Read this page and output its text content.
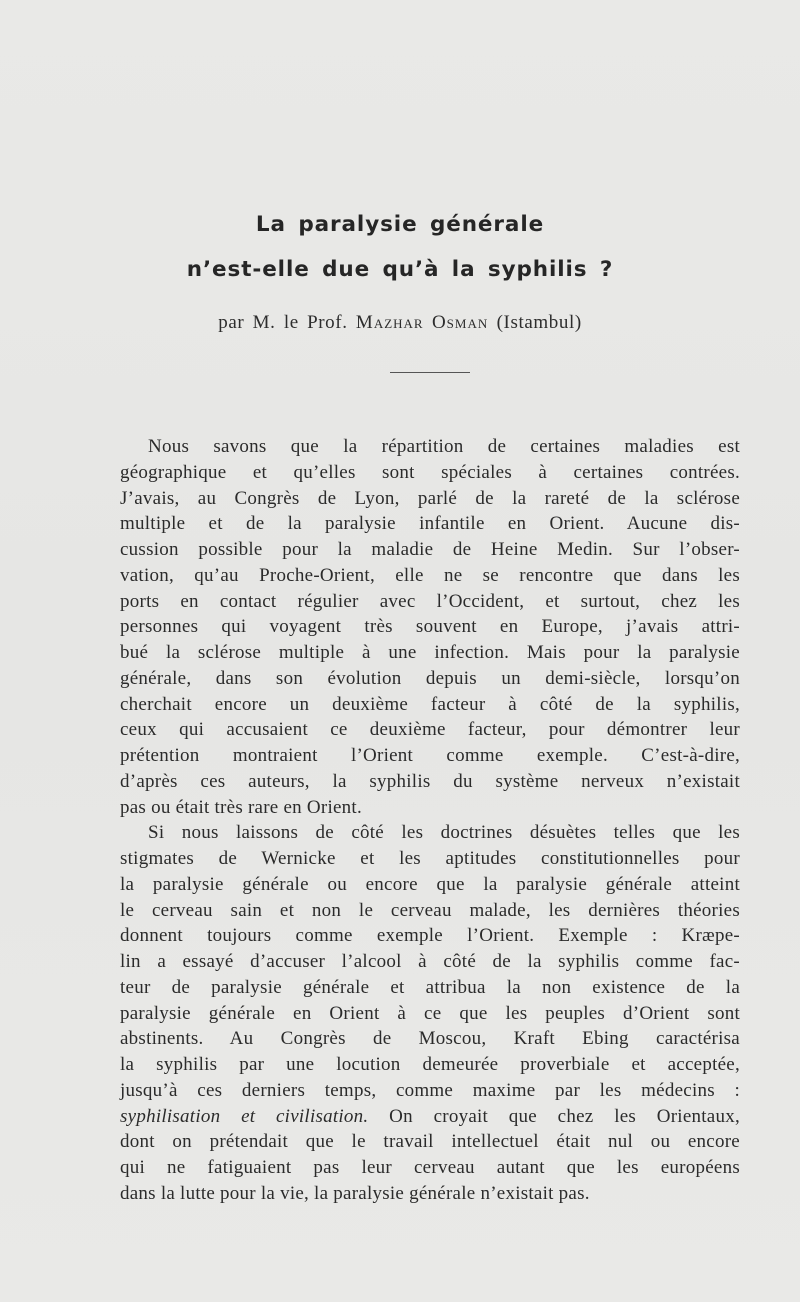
La paralysie générale
n’est-elle due qu’à la syphilis ?
par M. le Prof. Mazhar Osman (Istambul)
Nous savons que la répartition de certaines maladies est
géographique et qu’elles sont spéciales à certaines contrées.
J’avais, au Congrès de Lyon, parlé de la rareté de la sclérose
multiple et de la paralysie infantile en Orient. Aucune dis-
cussion possible pour la maladie de Heine Medin. Sur l’obser-
vation, qu’au Proche-Orient, elle ne se rencontre que dans les
ports en contact régulier avec l’Occident, et surtout, chez les
personnes qui voyagent très souvent en Europe, j’avais attri-
bué la sclérose multiple à une infection. Mais pour la paralysie
générale, dans son évolution depuis un demi-siècle, lorsqu’on
cherchait encore un deuxième facteur à côté de la syphilis,
ceux qui accusaient ce deuxième facteur, pour démontrer leur
prétention montraient l’Orient comme exemple. C’est-à-dire,
d’après ces auteurs, la syphilis du système nerveux n’existait
pas ou était très rare en Orient.
Si nous laissons de côté les doctrines désuètes telles que les
stigmates de Wernicke et les aptitudes constitutionnelles pour
la paralysie générale ou encore que la paralysie générale atteint
le cerveau sain et non le cerveau malade, les dernières théories
donnent toujours comme exemple l’Orient. Exemple : Kræpe-
lin a essayé d’accuser l’alcool à côté de la syphilis comme fac-
teur de paralysie générale et attribua la non existence de la
paralysie générale en Orient à ce que les peuples d’Orient sont
abstinents. Au Congrès de Moscou, Kraft Ebing caractérisa
la syphilis par une locution demeurée proverbiale et acceptée,
jusqu’à ces derniers temps, comme maxime par les médecins :
syphilisation et civilisation. On croyait que chez les Orientaux,
dont on prétendait que le travail intellectuel était nul ou encore
qui ne fatiguaient pas leur cerveau autant que les européens
dans la lutte pour la vie, la paralysie générale n’existait pas.
